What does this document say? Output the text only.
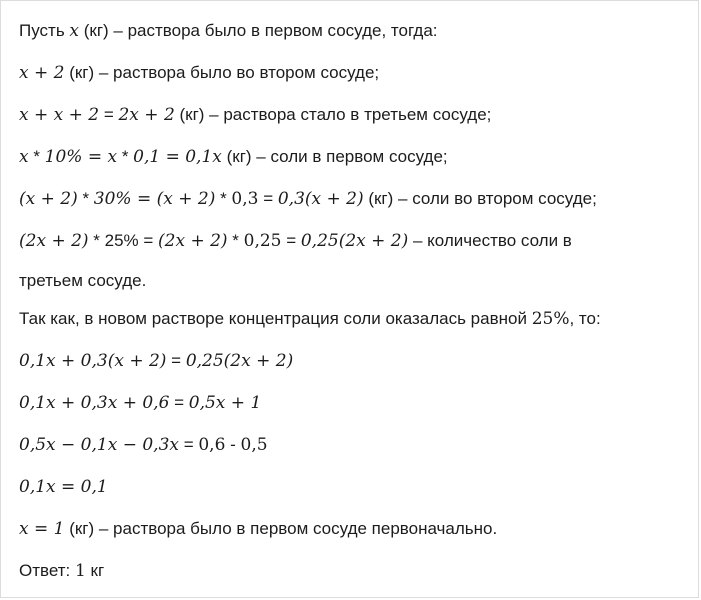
Пусть x (кг) – раствора было в первом сосуде, тогда:
x + 2 (кг) – раствора было во втором сосуде;
x + x + 2 = 2x + 2 (кг) – раствора стало в третьем сосуде;
x * 10% = x * 0,1 = 0,1x (кг) – соли в первом сосуде;
(x + 2) * 30% = (x + 2) * 0,3 = 0,3(x + 2) (кг) – соли во втором сосуде;
(2x + 2) * 25% = (2x + 2) * 0,25 = 0,25(2x + 2) – количество соли в
третьем сосуде.
Так как, в новом растворе концентрация соли оказалась равной 25%, то:
0,1x + 0,3(x + 2) = 0,25(2x + 2)
0,1x + 0,3x + 0,6 = 0,5x + 1
0,5x − 0,1x − 0,3x = 0,6 - 0,5
0,1x = 0,1
x = 1 (кг) – раствора было в первом сосуде первоначально.
Ответ: 1 кг
